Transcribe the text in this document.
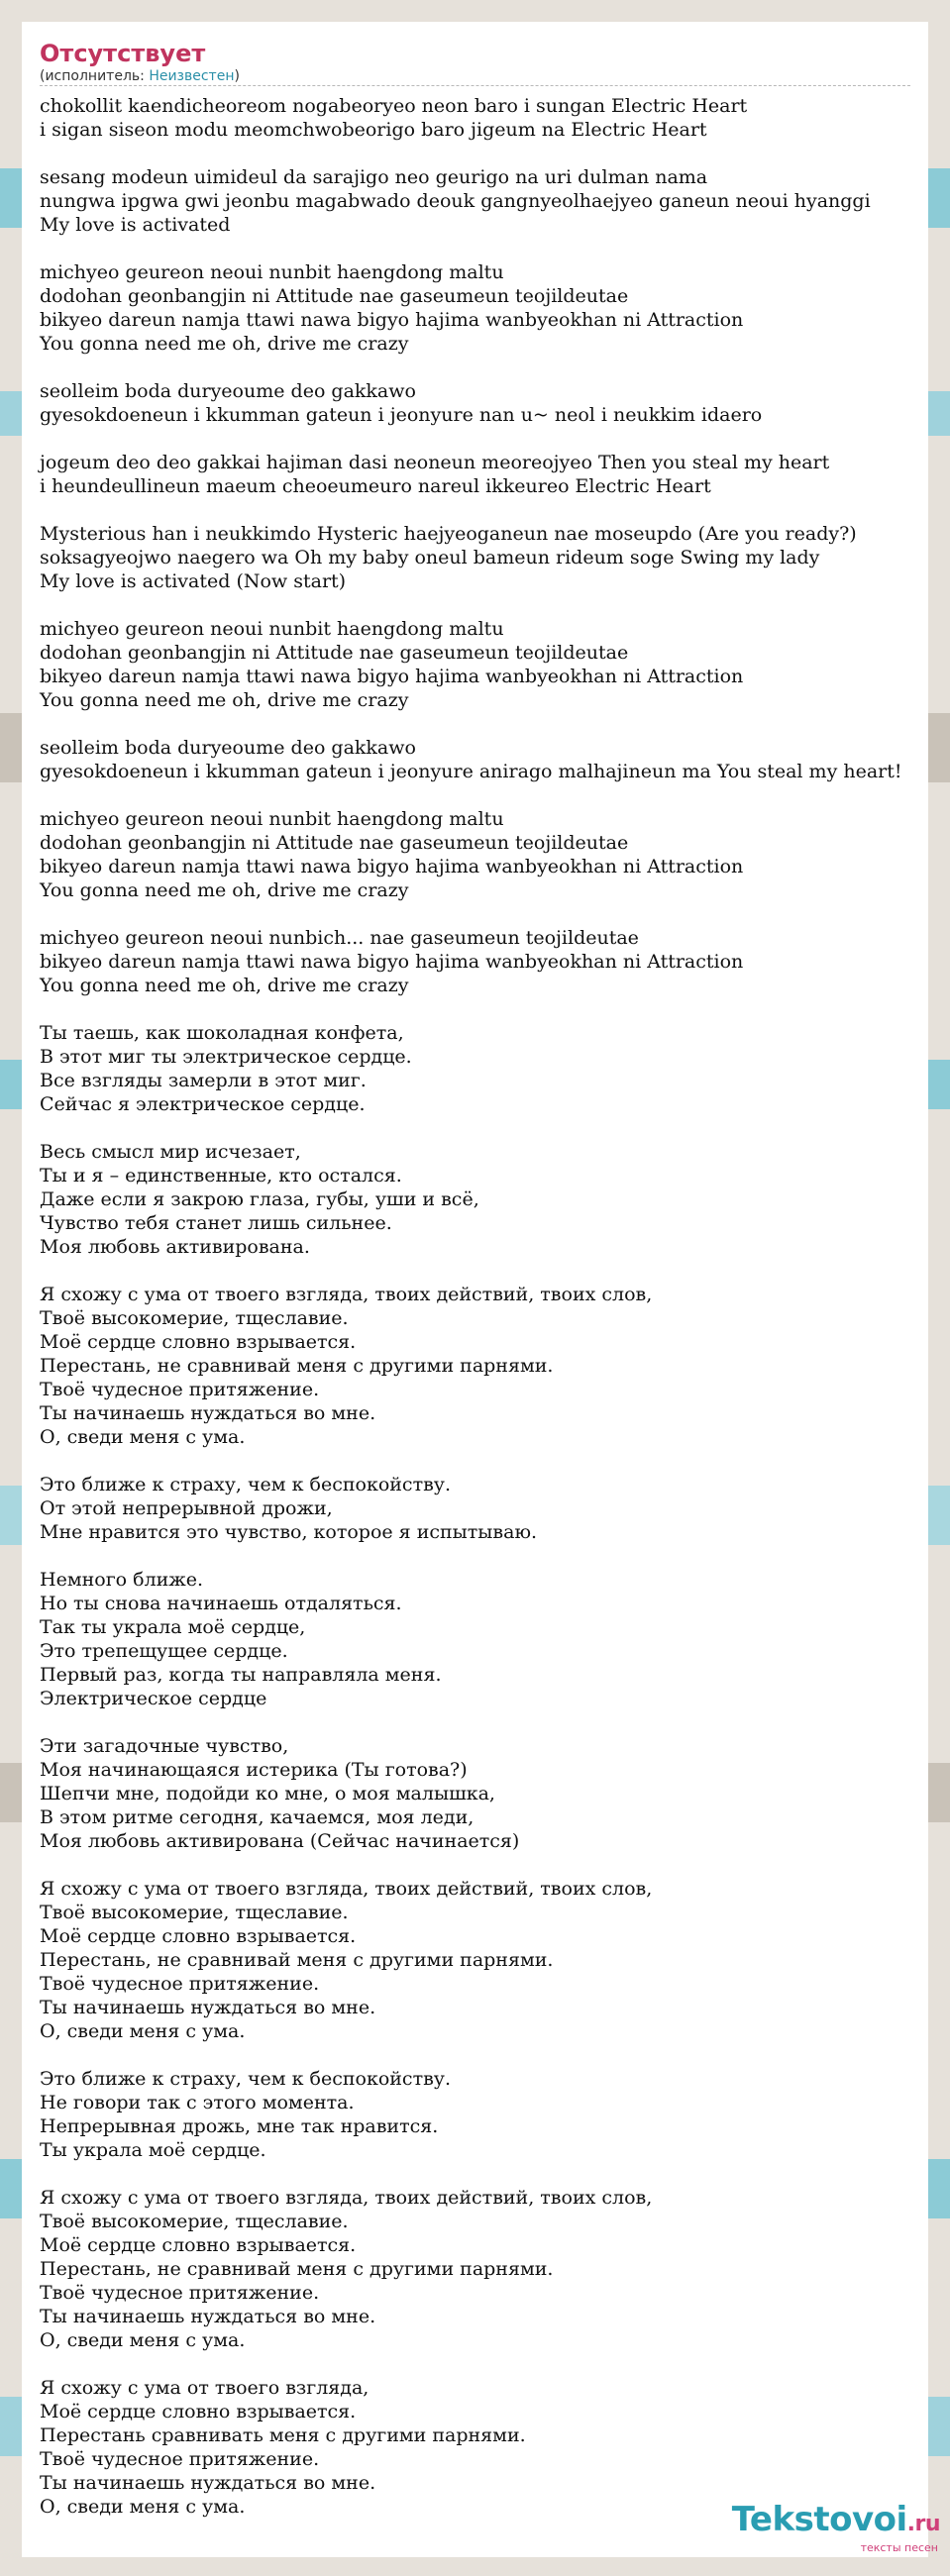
Отсутствует

(исполнитель: Неизвестен)

chokollit kaendicheoreom nogabeoryeo neon baro i sungan Electric Heart
i sigan siseon modu meomchwobeorigo baro jigeum na Electric Heart

sesang modeun uimideul da sarajigo neo geurigo na uri dulman nama
nungwa ipgwa gwi jeonbu magabwado deouk gangnyeolhaejyeo ganeun neoui hyanggi
My love is activated

michyeo geureon neoui nunbit haengdong maltu
dodohan geonbangjin ni Attitude nae gaseumeun teojildeutae
bikyeo dareun namja ttawi nawa bigyo hajima wanbyeokhan ni Attraction
You gonna need me oh, drive me crazy

seolleim boda duryeoume deo gakkawo
gyesokdoeneun i kkumman gateun i jeonyure nan u~ neol i neukkim idaero

jogeum deo deo gakkai hajiman dasi neoneun meoreojyeo Then you steal my heart
i heundeullineun maeum cheoeumeuro nareul ikkeureo Electric Heart

Mysterious han i neukkimdo Hysteric haejyeoganeun nae moseupdo (Are you ready?)
soksagyeojwo naegero wa Oh my baby oneul bameun rideum soge Swing my lady
My love is activated (Now start)

michyeo geureon neoui nunbit haengdong maltu
dodohan geonbangjin ni Attitude nae gaseumeun teojildeutae
bikyeo dareun namja ttawi nawa bigyo hajima wanbyeokhan ni Attraction
You gonna need me oh, drive me crazy

seolleim boda duryeoume deo gakkawo
gyesokdoeneun i kkumman gateun i jeonyure anirago malhajineun ma You steal my heart!

michyeo geureon neoui nunbit haengdong maltu
dodohan geonbangjin ni Attitude nae gaseumeun teojildeutae
bikyeo dareun namja ttawi nawa bigyo hajima wanbyeokhan ni Attraction
You gonna need me oh, drive me crazy

michyeo geureon neoui nunbich... nae gaseumeun teojildeutae
bikyeo dareun namja ttawi nawa bigyo hajima wanbyeokhan ni Attraction
You gonna need me oh, drive me crazy

Ты таешь, как шоколадная конфета,
В этот миг ты электрическое сердце.
Все взгляды замерли в этот миг.
Сейчас я электрическое сердце.

Весь смысл мир исчезает,
Ты и я – единственные, кто остался.
Даже если я закрою глаза, губы, уши и всё,
Чувство тебя станет лишь сильнее.
Моя любовь активирована.

Я схожу с ума от твоего взгляда, твоих действий, твоих слов,
Твоё высокомерие, тщеславие.
Моё сердце словно взрывается.
Перестань, не сравнивай меня с другими парнями.
Твоё чудесное притяжение.
Ты начинаешь нуждаться во мне.
О, сведи меня с ума.

Это ближе к страху, чем к беспокойству.
От этой непрерывной дрожи,
Мне нравится это чувство, которое я испытываю.

Немного ближе.
Но ты снова начинаешь отдаляться.
Так ты украла моё сердце,
Это трепещущее сердце.
Первый раз, когда ты направляла меня.
Электрическое сердце

Эти загадочные чувство,
Моя начинающаяся истерика (Ты готова?)
Шепчи мне, подойди ко мне, о моя малышка,
В этом ритме сегодня, качаемся, моя леди,
Моя любовь активирована (Сейчас начинается)

Я схожу с ума от твоего взгляда, твоих действий, твоих слов,
Твоё высокомерие, тщеславие.
Моё сердце словно взрывается.
Перестань, не сравнивай меня с другими парнями.
Твоё чудесное притяжение.
Ты начинаешь нуждаться во мне.
О, сведи меня с ума.

Это ближе к страху, чем к беспокойству.
Не говори так с этого момента.
Непрерывная дрожь, мне так нравится.
Ты украла моё сердце.

Я схожу с ума от твоего взгляда, твоих действий, твоих слов,
Твоё высокомерие, тщеславие.
Моё сердце словно взрывается.
Перестань, не сравнивай меня с другими парнями.
Твоё чудесное притяжение.
Ты начинаешь нуждаться во мне.
О, сведи меня с ума.

Я схожу с ума от твоего взгляда,
Моё сердце словно взрывается.
Перестань сравнивать меня с другими парнями.
Твоё чудесное притяжение.
Ты начинаешь нуждаться во мне.
О, сведи меня с ума.	Tekstovoi.ru
тексты песен
